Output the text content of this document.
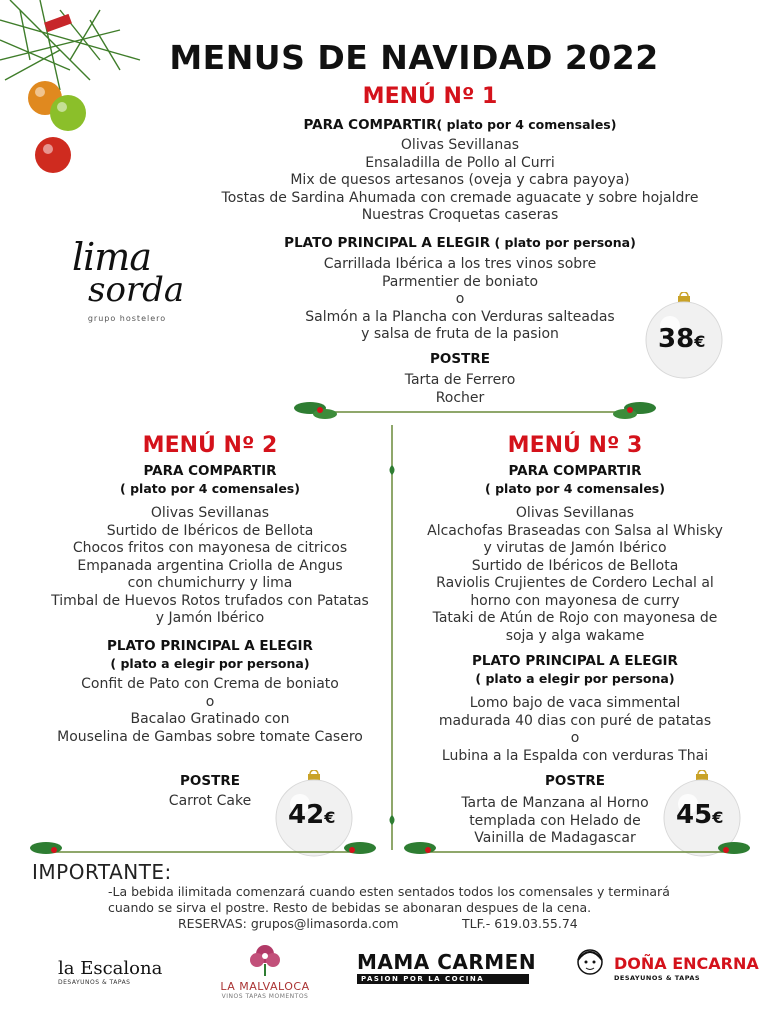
MENUS DE NAVIDAD 2022
MENÚ Nº 1
PARA COMPARTIR( plato por 4 comensales)
Olivas Sevillanas
Ensaladilla de Pollo al Curri
Mix de quesos artesanos (oveja y cabra payoya)
Tostas de Sardina Ahumada con cremade aguacate y sobre hojaldre
Nuestras Croquetas caseras
PLATO PRINCIPAL A ELEGIR ( plato por persona)
Carrillada Ibérica a los tres vinos sobre
Parmentier de boniato
o
Salmón a la Plancha con Verduras salteadas
y salsa de fruta de la pasion
POSTRE
Tarta de Ferrero
Rocher
lima
sorda
grupo hostelero
38€
MENÚ Nº 2
PARA COMPARTIR
( plato por 4 comensales)
Olivas Sevillanas
Surtido de Ibéricos de Bellota
Chocos fritos con mayonesa de citricos
Empanada argentina Criolla de Angus
con chumichurry y lima
Timbal de Huevos Rotos trufados con Patatas
y Jamón Ibérico
PLATO PRINCIPAL A ELEGIR
( plato a elegir por persona)
Confit de Pato con Crema de boniato
o
Bacalao Gratinado con
Mouselina de Gambas sobre tomate Casero
POSTRE
Carrot Cake	42€
MENÚ Nº 3
PARA COMPARTIR
( plato por 4 comensales)
Olivas Sevillanas
Alcachofas Braseadas con Salsa al Whisky
y virutas de Jamón Ibérico
Surtido de Ibéricos de Bellota
Raviolis Crujientes de Cordero Lechal al
horno con mayonesa de curry
Tataki de Atún de Rojo con mayonesa de
soja y alga wakame
PLATO PRINCIPAL A ELEGIR
( plato a elegir por persona)
Lomo bajo de vaca simmental
madurada 40 dias con puré de patatas
o
Lubina a la Espalda con verduras Thai
POSTRE
Tarta de Manzana al Horno
templada con Helado de
Vainilla de Madagascar
45€
IMPORTANTE:
-La bebida ilimitada comenzará cuando esten sentados todos los comensales y terminará
cuando se sirva el postre. Resto de bebidas se abonaran despues de la cena.
RESERVAS: grupos@limasorda.com	TLF.- 619.03.55.74
la Escalona
DESAYUNOS & TAPAS	LA MALVALOCA
VINOS TAPAS MOMENTOS
MAMA CARMEN
PASION POR LA COCINA
DOÑA ENCARNA
DESAYUNOS & TAPAS
